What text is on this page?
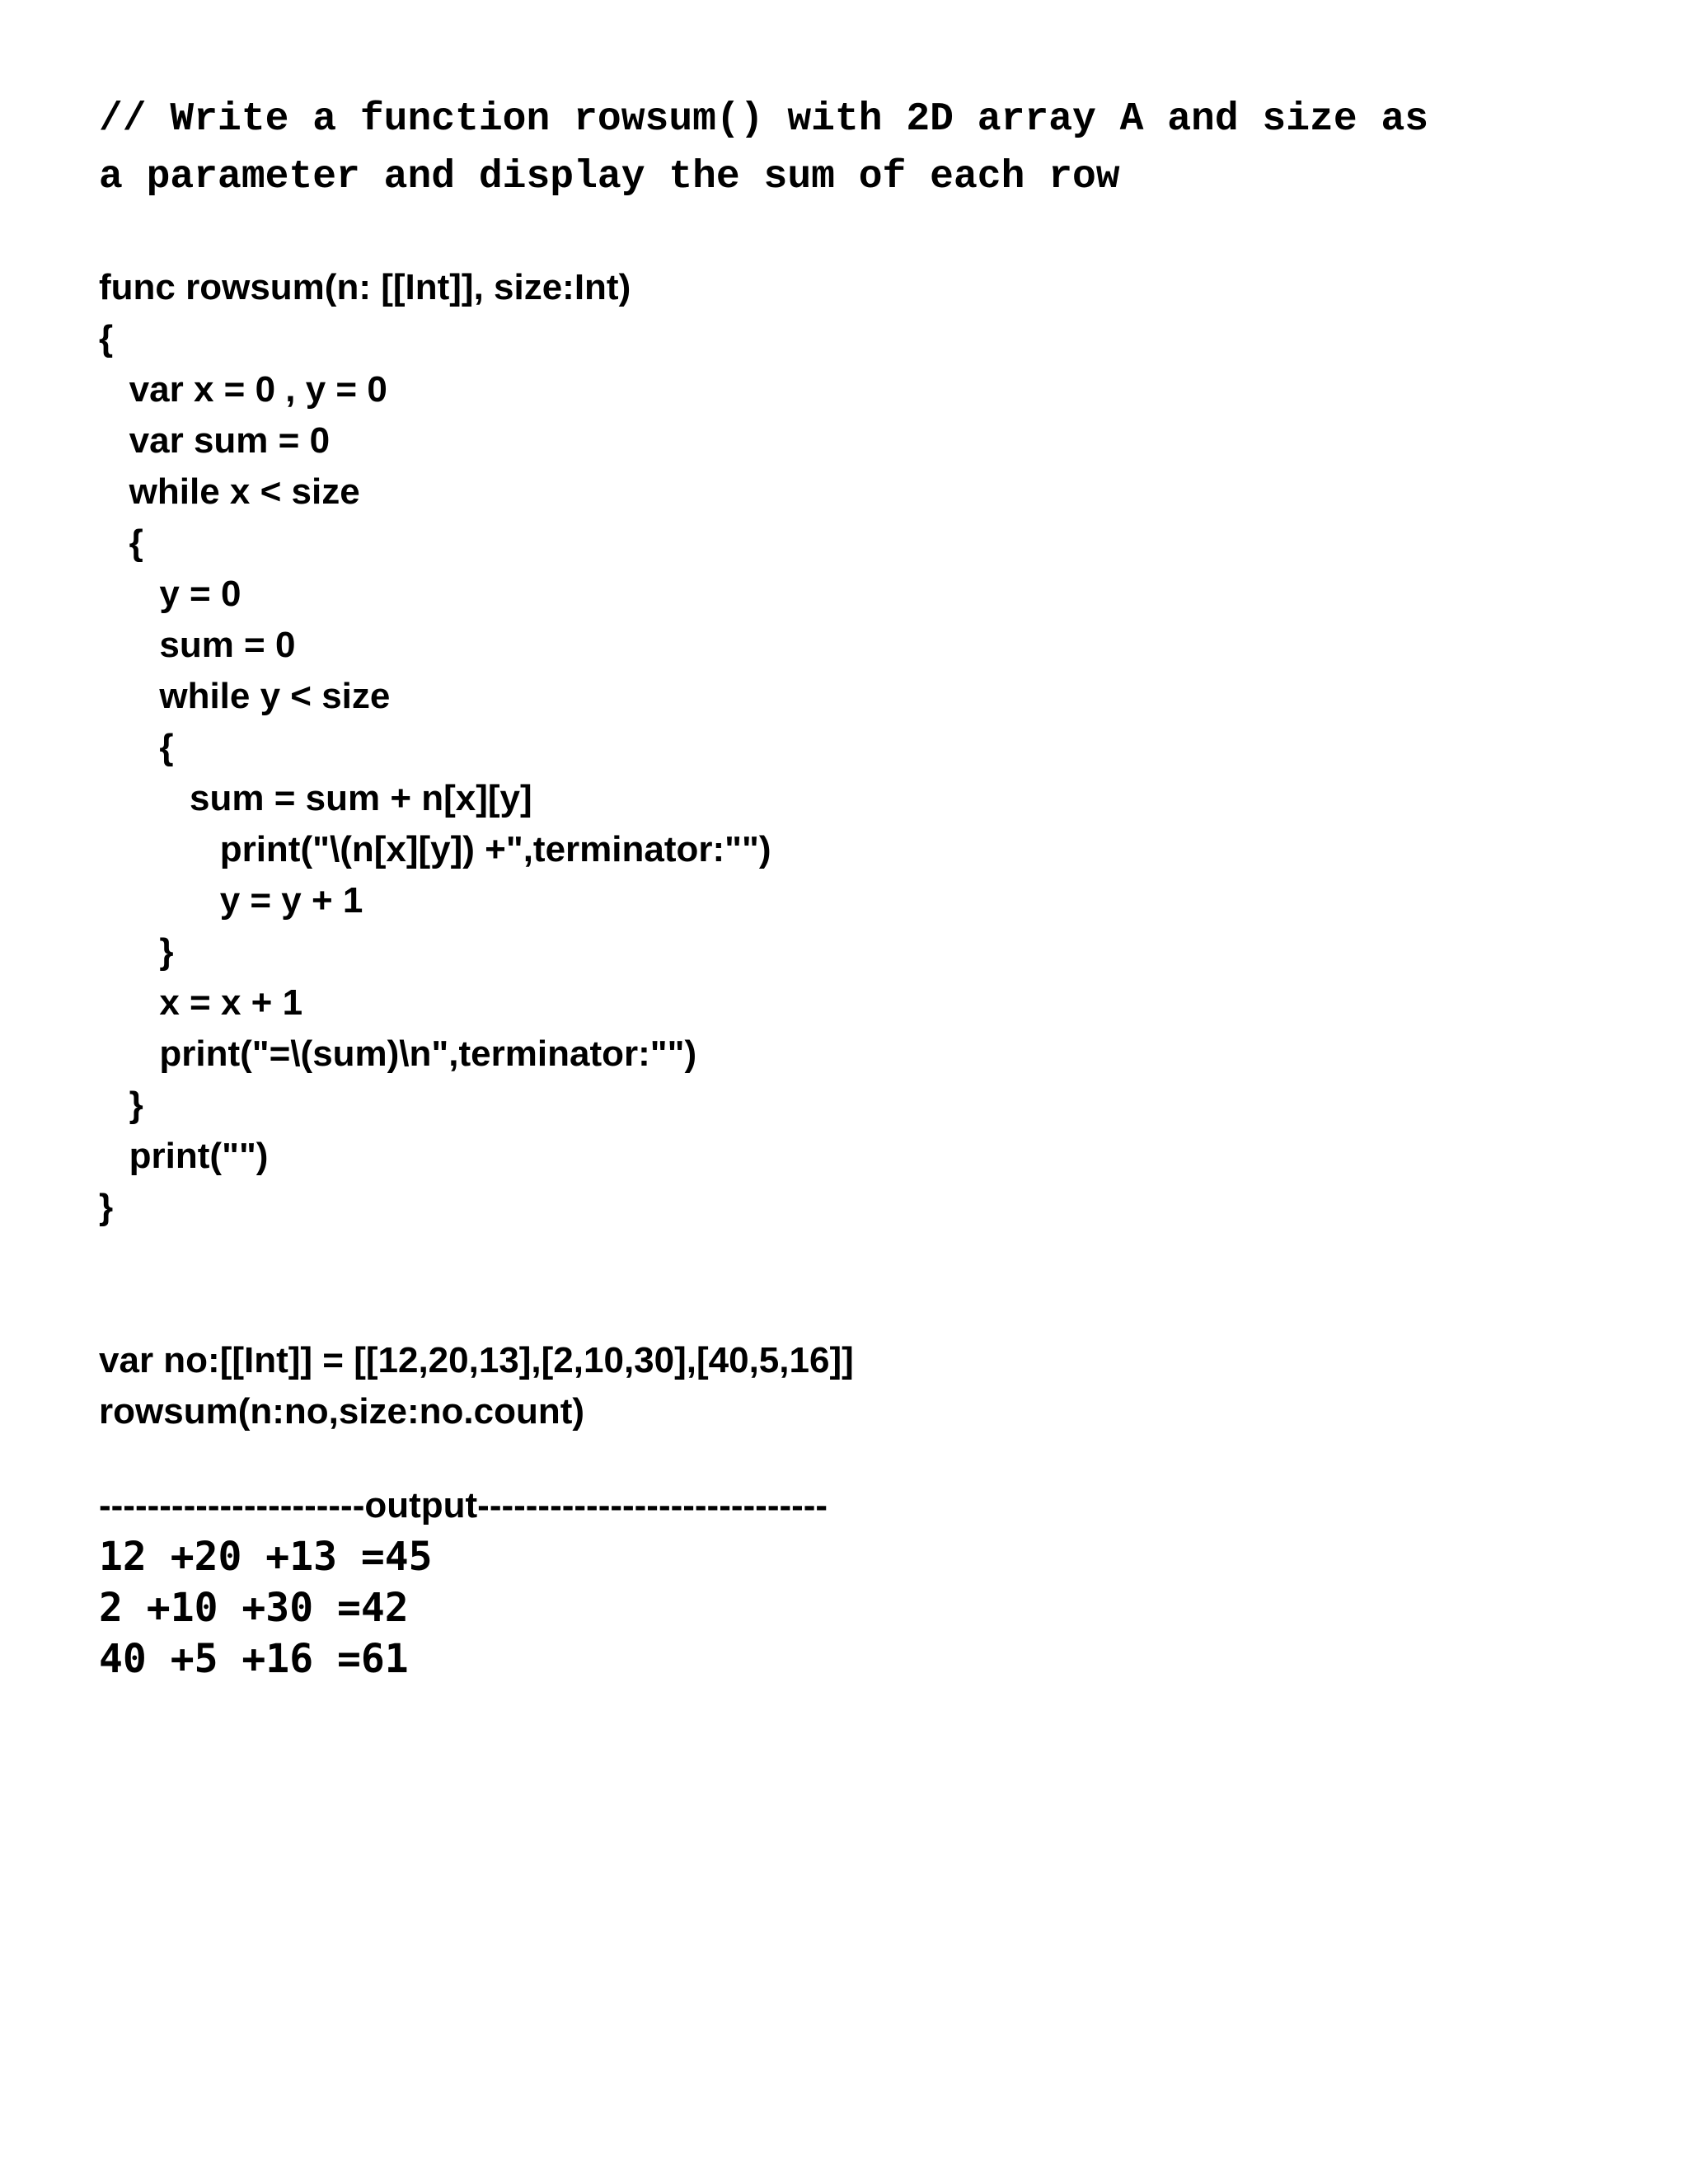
// Write a function rowsum() with 2D array A and size as
a parameter and display the sum of each row
func rowsum(n: [[Int]], size:Int)
{
var x = 0 , y = 0
var sum = 0
while x < size
{
y = 0
sum = 0
while y < size
{
sum = sum + n[x][y]
print("\(n[x][y]) +",terminator:"")
y = y + 1
}
x = x + 1
print("=\(sum)\n",terminator:"")
}
print("")
}
var no:[[Int]] = [[12,20,13],[2,10,30],[40,5,16]]
rowsum(n:no,size:no.count)
----------------------output-----------------------------
12 +20 +13 =45
2 +10 +30 =42
40 +5 +16 =61
